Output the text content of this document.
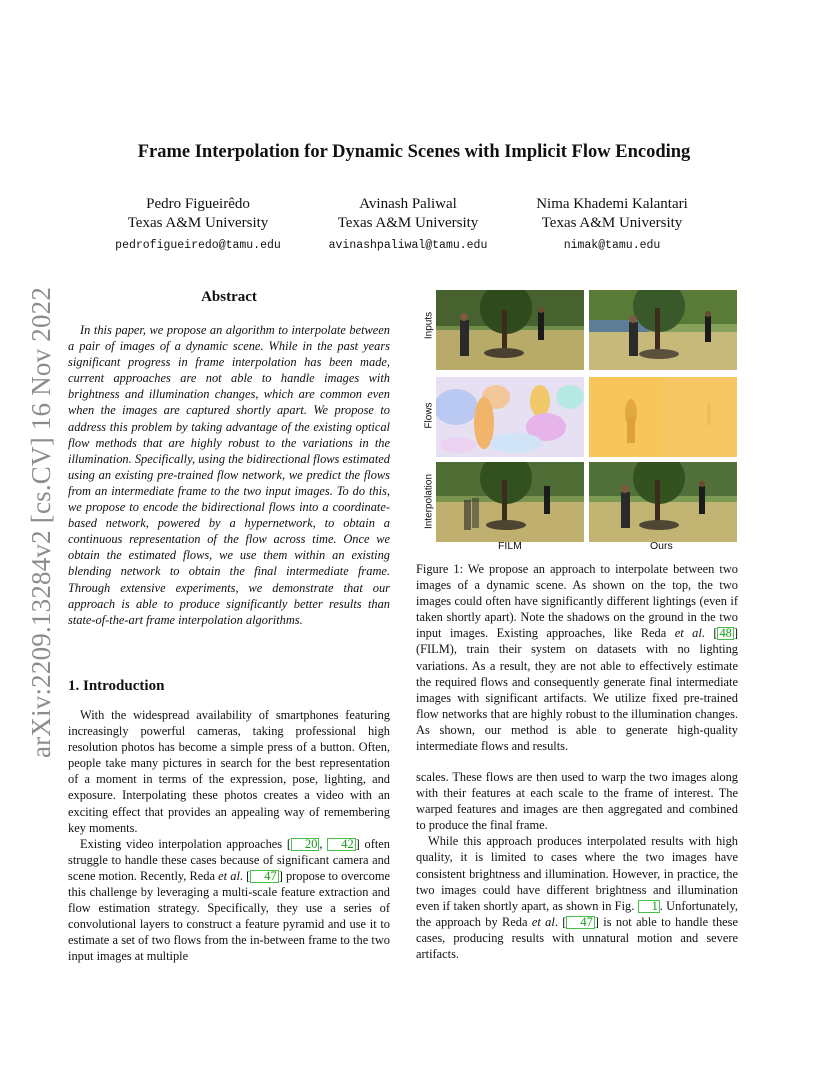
arXiv:2209.13284v2 [cs.CV] 16 Nov 2022
Frame Interpolation for Dynamic Scenes with Implicit Flow Encoding
Pedro Figueirêdo
Texas A&M University
pedrofigueiredo@tamu.edu
Avinash Paliwal
Texas A&M University
avinashpaliwal@tamu.edu
Nima Khademi Kalantari
Texas A&M University
nimak@tamu.edu
Abstract
In this paper, we propose an algorithm to interpolate between a pair of images of a dynamic scene. While in the past years significant progress in frame interpolation has been made, current approaches are not able to handle images with brightness and illumination changes, which are common even when the images are captured shortly apart. We propose to address this problem by taking advantage of the existing optical flow methods that are highly robust to the variations in the illumination. Specifically, using the bidirectional flows estimated using an existing pre-trained flow network, we predict the flows from an intermediate frame to the two input images. To do this, we propose to encode the bidirectional flows into a coordinate-based network, powered by a hypernetwork, to obtain a continuous representation of the flow across time. Once we obtain the estimated flows, we use them within an existing blending network to obtain the final intermediate frame. Through extensive experiments, we demonstrate that our approach is able to produce significantly better results than state-of-the-art frame interpolation algorithms.
1. Introduction

With the widespread availability of smartphones featuring increasingly powerful cameras, taking professional high resolution photos has become a simple press of a button. Often, people take many pictures in search for the best representation of a moment in terms of the expression, pose, lighting, and exposure. Interpolating these photos creates a video with an exciting effect that provides an appealing way of remembering key moments.

Existing video interpolation approaches [ 20 , 42 ] often struggle to handle these cases because of significant camera and scene motion. Recently, Reda et al. [ 47 ] propose to overcome this challenge by leveraging a multi-scale feature extraction and flow estimation strategy. Specifically, they use a series of convolutional layers to construct a feature pyramid and use it to estimate a set of two flows from the in-between frame to the two input images at multiple

Inputs
Flows
Interpolation
FILM	Ours
Figure 1: We propose an approach to interpolate between two images of a dynamic scene. As shown on the top, the two images could often have significantly different lightings (even if taken shortly apart). Note the shadows on the ground in the two input images. Existing approaches, like Reda et al. [ 48 ] (FILM), train their system on datasets with no lighting variations. As a result, they are not able to effectively estimate the required flows and consequently generate final intermediate images with significant artifacts. We utilize fixed pre-trained flow networks that are highly robust to the illumination changes. As shown, our method is able to generate high-quality intermediate flows and results.

scales. These flows are then used to warp the two images along with their features at each scale to the frame of interest. The warped features and images are then aggregated and combined to produce the final frame.

While this approach produces interpolated results with high quality, it is limited to cases where the two images have consistent brightness and illumination. However, in practice, the two images could have different brightness and illumination even if taken shortly apart, as shown in Fig. 1 . Unfortunately, the approach by Reda et al. [ 47 ] is not able to handle these cases, producing results with unnatural motion and severe artifacts.
